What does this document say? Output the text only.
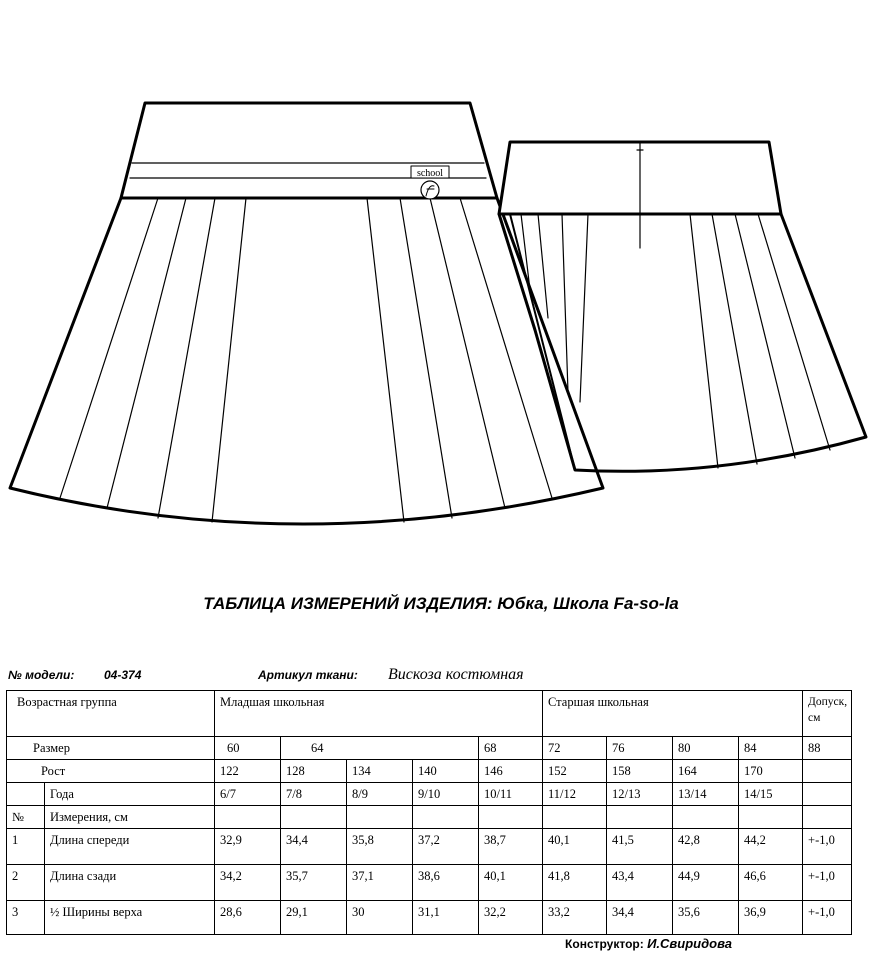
school
ТАБЛИЦА ИЗМЕРЕНИЙ ИЗДЕЛИЯ: Юбка, Школа Fa-so-la
№ модели: 04-374	Артикул ткани: Вискоза костюмная
Возрастная группа		Младшая школьная					Старшая школьная				Допуск, см	
Размер		60	64			68	72	76	80	84	88	
Рост		122	128	134	140	146	152	158	164	170		
	Года	6/7	7/8	8/9	9/10	10/11	11/12	12/13	13/14	14/15		
№	Измерения, см											
1	Длина спереди	32,9	34,4	35,8	37,2	38,7	40,1	41,5	42,8	44,2	+-1,0	
2	Длина сзади	34,2	35,7	37,1	38,6	40,1	41,8	43,4	44,9	46,6	+-1,0	
3	½ Ширины верха	28,6	29,1	30	31,1	32,2	33,2	34,4	35,6	36,9	+-1,0	
Конструктор: И.Свиридова
